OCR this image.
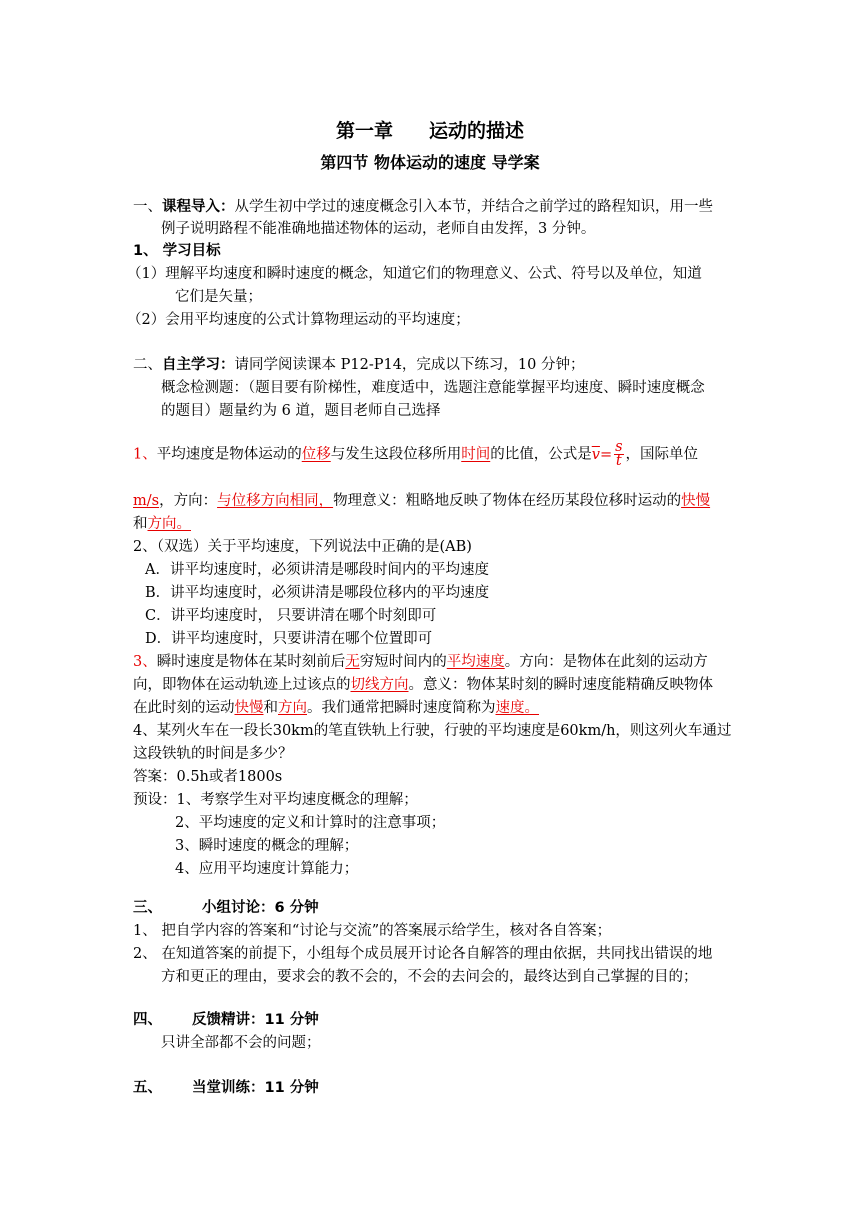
第一章 运动的描述
第四节 物体运动的速度 导学案
一、课程导入：从学生初中学过的速度概念引入本节，并结合之前学过的路程知识，用一些
例子说明路程不能准确地描述物体的运动，老师自由发挥，3 分钟。
1、 学习目标
（1）理解平均速度和瞬时速度的概念，知道它们的物理意义、公式、符号以及单位，知道
它们是矢量；
（2）会用平均速度的公式计算物理运动的平均速度；
二、自主学习：请同学阅读课本 P12-P14，完成以下练习，10 分钟；
概念检测题：（题目要有阶梯性，难度适中，选题注意能掌握平均速度、瞬时速度概念
的题目）题量约为 6 道，题目老师自己选择
1、平均速度是物体运动的位移与发生这段位移所用时间的比值，公式是$\overline{v}= \frac{s}{t}$ ，国际单位
m/s，方向：与位移方向相同，物理意义：粗略地反映了物体在经历某段位移时运动的快慢
和方向。
2、（双选）关于平均速度，下列说法中正确的是(AB)
A．讲平均速度时，必须讲清是哪段时间内的平均速度
B．讲平均速度时，必须讲清是哪段位移内的平均速度
C．讲平均速度时， 只要讲清在哪个时刻即可
D．讲平均速度时，只要讲清在哪个位置即可
3、瞬时速度是物体在某时刻前后无穷短时间内的平均速度。方向：是物体在此刻的运动方
向，即物体在运动轨迹上过该点的切线方向。意义：物体某时刻的瞬时速度能精确反映物体
在此时刻的运动快慢和方向。我们通常把瞬时速度简称为速度。
4、某列火车在一段长30km的笔直铁轨上行驶，行驶的平均速度是60km/h，则这列火车通过
这段铁轨的时间是多少？
答案：0.5h或者1800s
预设：1、考察学生对平均速度概念的理解；
2、平均速度的定义和计算时的注意事项；
3、瞬时速度的概念的理解；
4、应用平均速度计算能力；
三、	小组讨论：6 分钟
1、 把自学内容的答案和“讨论与交流”的答案展示给学生，核对各自答案；
2、 在知道答案的前提下，小组每个成员展开讨论各自解答的理由依据，共同找出错误的地
方和更正的理由，要求会的教不会的，不会的去问会的，最终达到自己掌握的目的；
四、 反馈精讲：11 分钟
只讲全部都不会的问题；
五、 当堂训练：11 分钟
